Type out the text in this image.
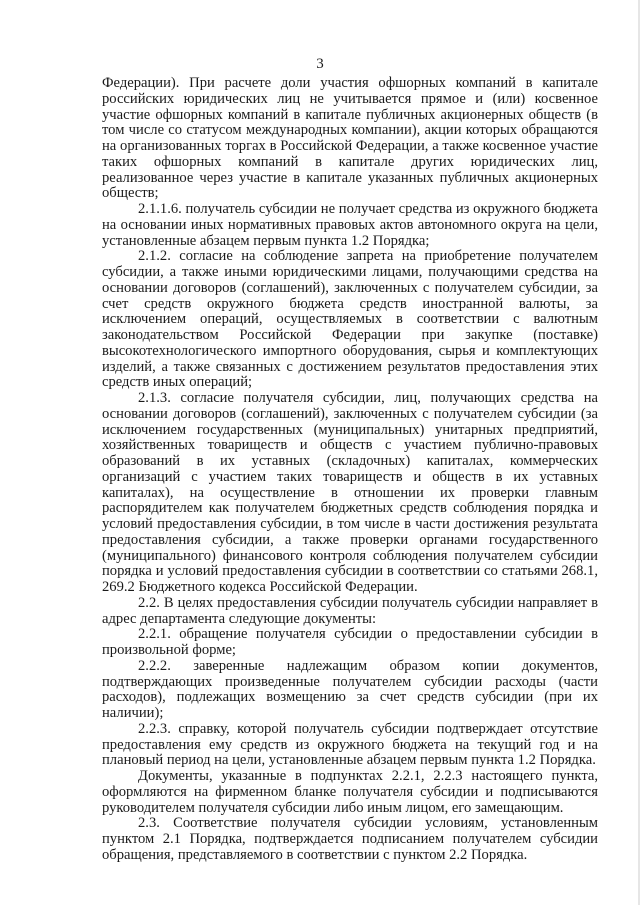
3

Федерации). При расчете доли участия офшорных компаний в капитале российских юридических лиц не учитывается прямое и (или) косвенное участие офшорных компаний в капитале публичных акционерных обществ (в том числе со статусом международных компании), акции которых обращаются на организованных торгах в Российской Федерации, а также косвенное участие таких офшорных компаний в капитале других юридических лиц, реализованное через участие в капитале указанных публичных акционерных обществ;

2.1.1.6. получатель субсидии не получает средства из окружного бюджета на основании иных нормативных правовых актов автономного округа на цели, установленные абзацем первым пункта 1.2 Порядка;

2.1.2. согласие на соблюдение запрета на приобретение получателем субсидии, а также иными юридическими лицами, получающими средства на основании договоров (соглашений), заключенных с получателем субсидии, за счет средств окружного бюджета средств иностранной валюты, за исключением операций, осуществляемых в соответствии с валютным законодательством Российской Федерации при закупке (поставке) высокотехнологического импортного оборудования, сырья и комплектующих изделий, а также связанных с достижением результатов предоставления этих средств иных операций;

2.1.3. согласие получателя субсидии, лиц, получающих средства на основании договоров (соглашений), заключенных с получателем субсидии (за исключением государственных (муниципальных) унитарных предприятий, хозяйственных товариществ и обществ с участием публично-правовых образований в их уставных (складочных) капиталах, коммерческих организаций с участием таких товариществ и обществ в их уставных капиталах), на осуществление в отношении их проверки главным распорядителем как получателем бюджетных средств соблюдения порядка и условий предоставления субсидии, в том числе в части достижения результата предоставления субсидии, а также проверки органами государственного (муниципального) финансового контроля соблюдения получателем субсидии порядка и условий предоставления субсидии в соответствии со статьями 268.1, 269.2 Бюджетного кодекса Российской Федерации.

2.2. В целях предоставления субсидии получатель субсидии направляет в адрес департамента следующие документы:

2.2.1. обращение получателя субсидии о предоставлении субсидии в произвольной форме;

2.2.2. заверенные надлежащим образом копии документов, подтверждающих произведенные получателем субсидии расходы (части расходов), подлежащих возмещению за счет средств субсидии (при их наличии);

2.2.3. справку, которой получатель субсидии подтверждает отсутствие предоставления ему средств из окружного бюджета на текущий год и на плановый период на цели, установленные абзацем первым пункта 1.2 Порядка.

Документы, указанные в подпунктах 2.2.1, 2.2.3 настоящего пункта, оформляются на фирменном бланке получателя субсидии и подписываются руководителем получателя субсидии либо иным лицом, его замещающим.

2.3. Соответствие получателя субсидии условиям, установленным пунктом 2.1 Порядка, подтверждается подписанием получателем субсидии обращения, представляемого в соответствии с пунктом 2.2 Порядка.
